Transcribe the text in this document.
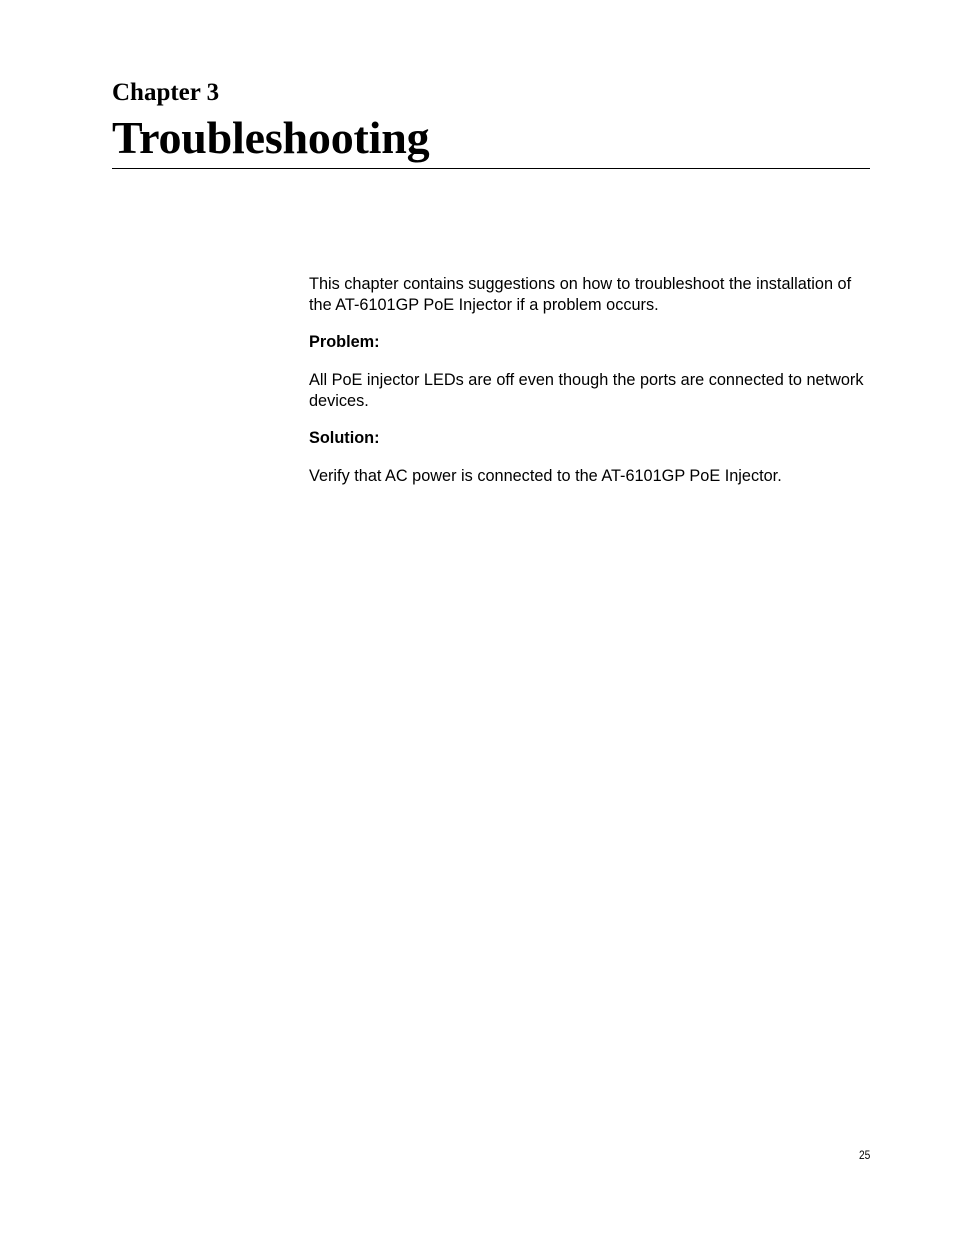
Chapter 3
Troubleshooting

This chapter contains suggestions on how to troubleshoot the installation of the AT-6101GP PoE Injector if a problem occurs.

Problem:

All PoE injector LEDs are off even though the ports are connected to network devices.

Solution:

Verify that AC power is connected to the AT-6101GP PoE Injector.

25
